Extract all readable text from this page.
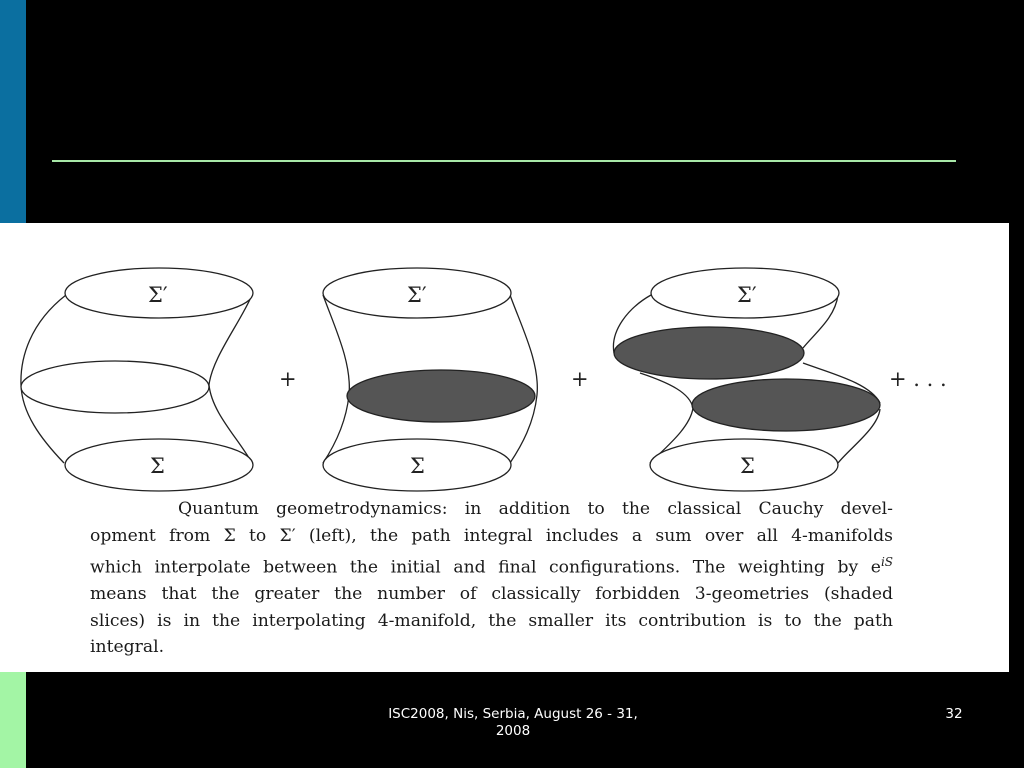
Σ′
Σ
Σ′
Σ
Σ′
Σ
+	+	+ . . .

Quantum geometrodynamics: in addition to the classical Cauchy devel-
opment from Σ to Σ′ (left), the path integral includes a sum over all 4-manifolds
which interpolate between the initial and final configurations. The weighting by $e^{iS}$
means that the greater the number of classically forbidden 3-geometries (shaded
slices) is in the interpolating 4-manifold, the smaller its contribution is to the path
integral.

ISC2008, Nis, Serbia, August 26 - 31, 2008
32
